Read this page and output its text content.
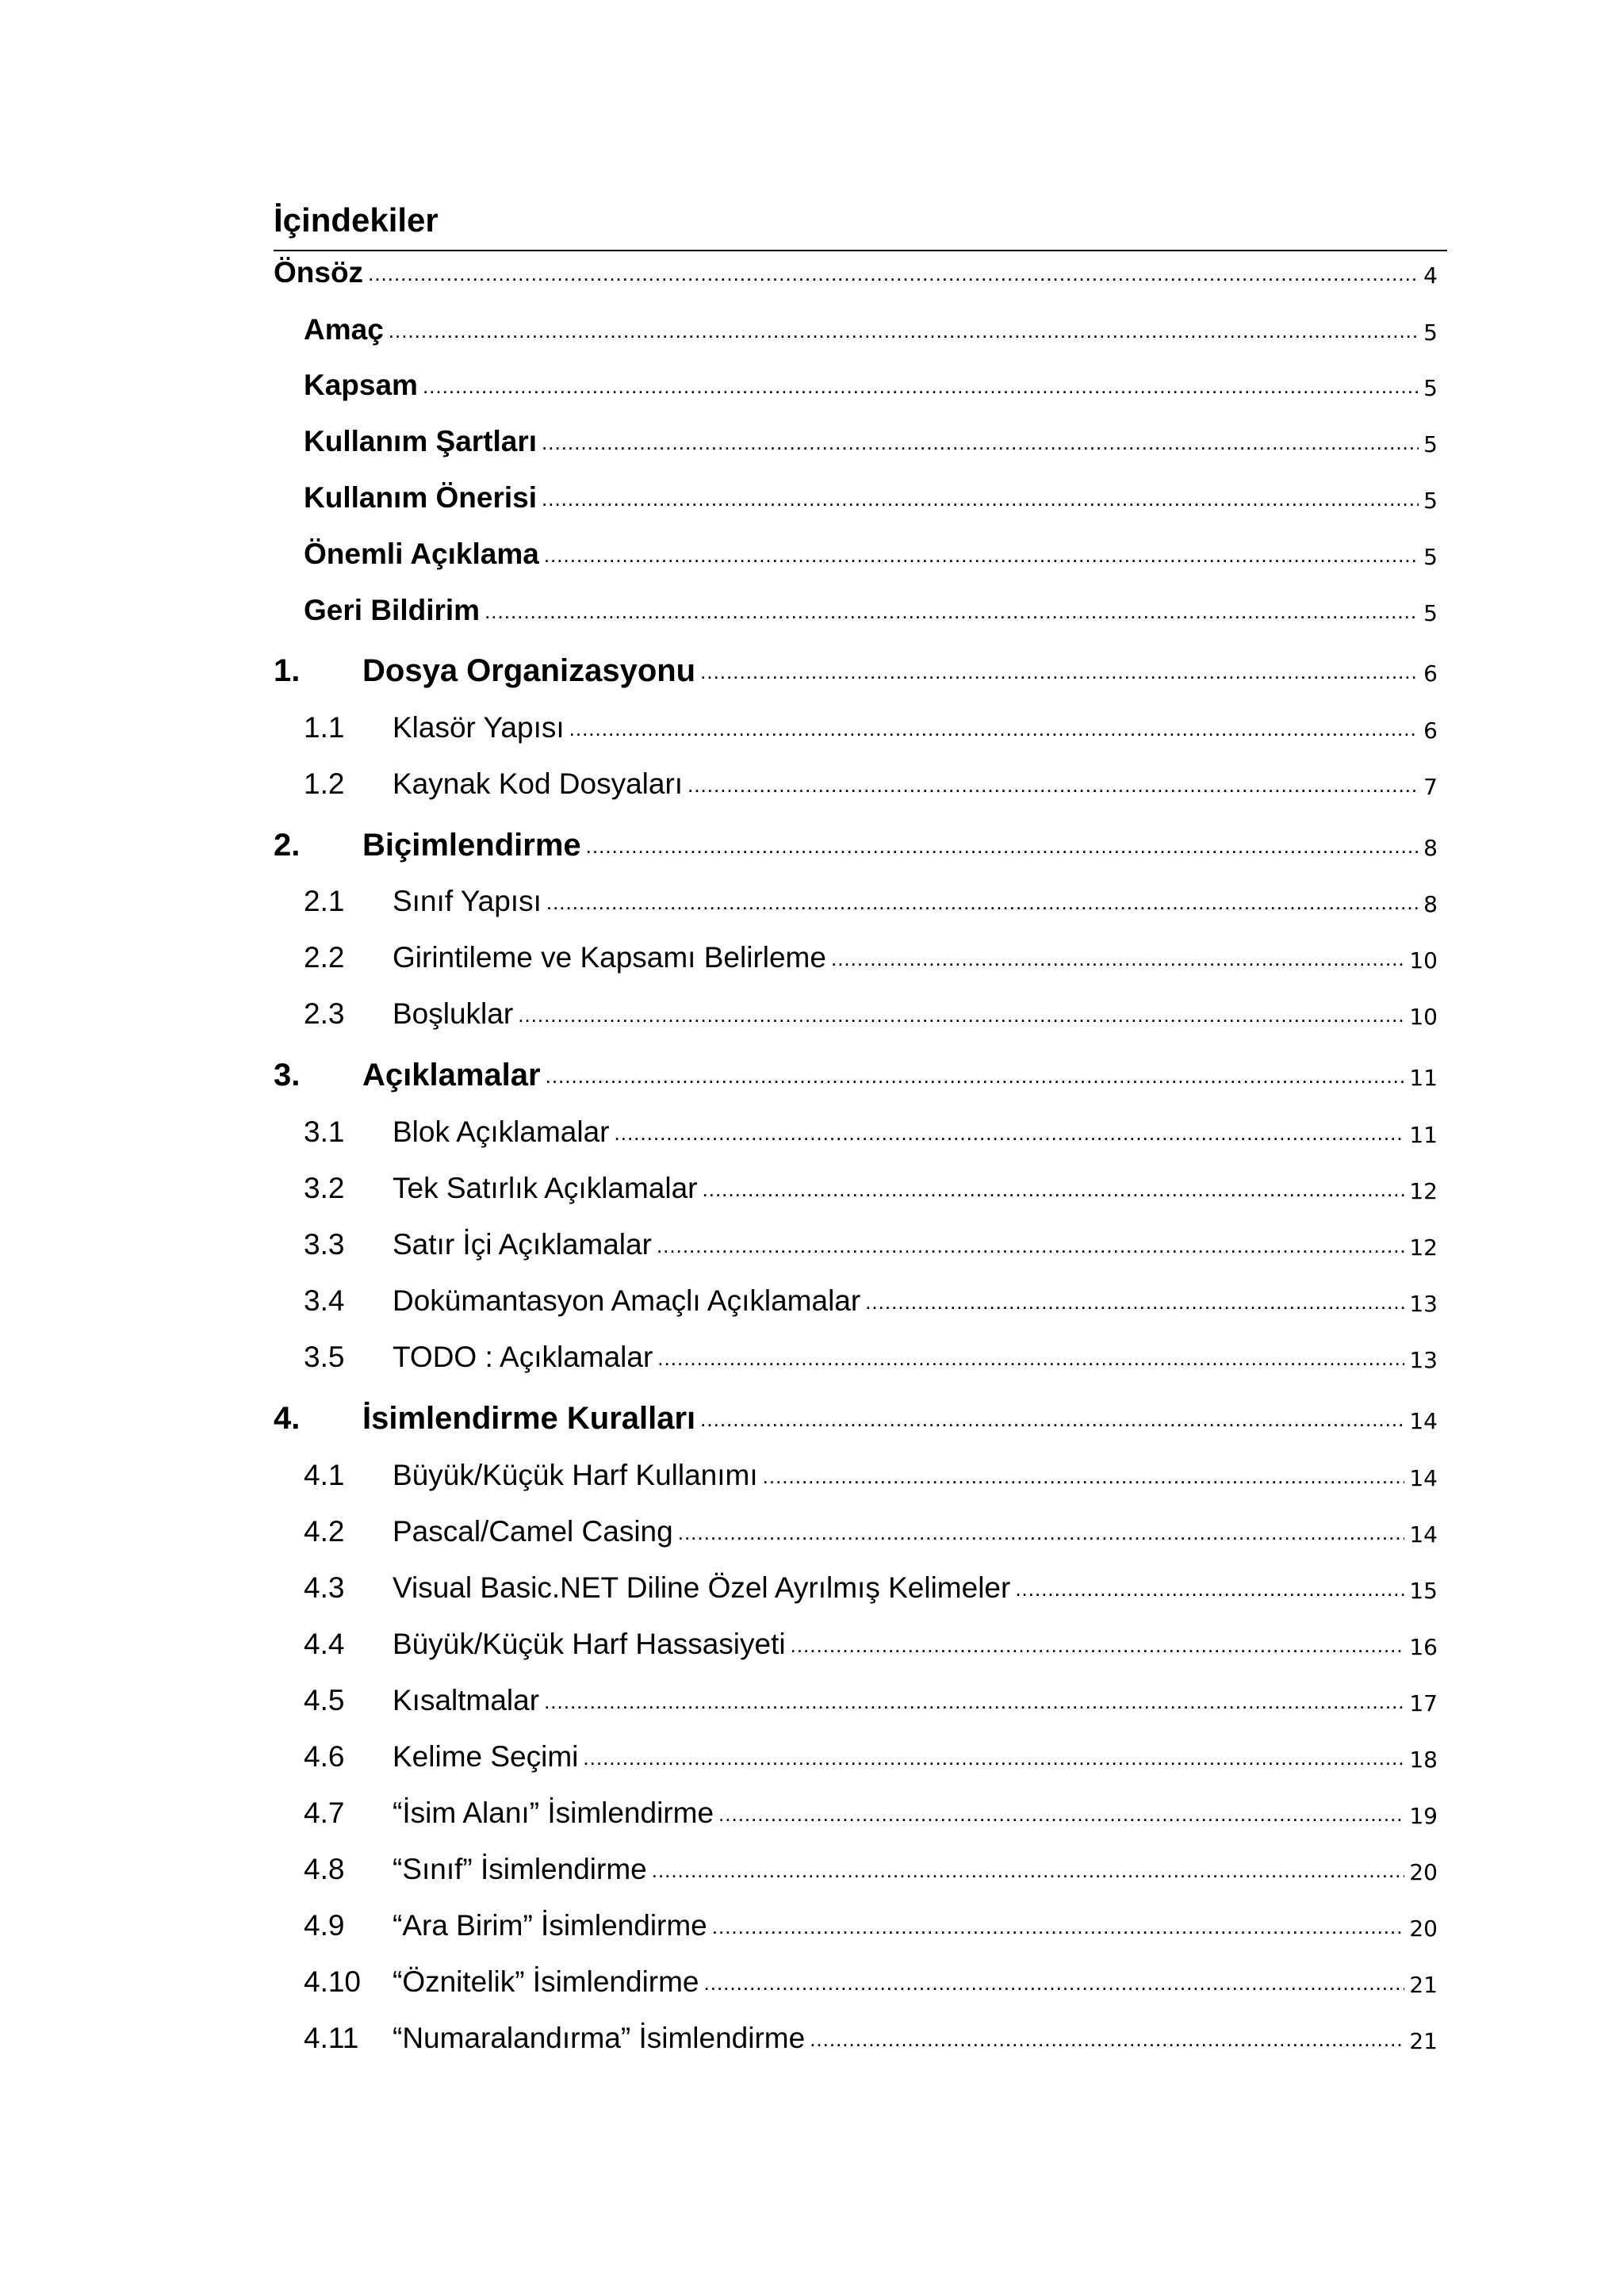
İçindekiler
Önsöz .....	4
Amaç .....	5
Kapsam .....	5
Kullanım Şartları .....	5
Kullanım Önerisi .....	5
Önemli Açıklama .....	5
Geri Bildirim .....	5
1.	Dosya Organizasyonu .....	6
1.1	Klasör Yapısı .....	6
1.2	Kaynak Kod Dosyaları .....	7
2.	Biçimlendirme .....	8
2.1	Sınıf Yapısı .....	8
2.2	Girintileme ve Kapsamı Belirleme .....	10
2.3	Boşluklar .....	10
3.	Açıklamalar .....	11
3.1	Blok Açıklamalar .....	11
3.2	Tek Satırlık Açıklamalar .....	12
3.3	Satır İçi Açıklamalar .....	12
3.4	Dokümantasyon Amaçlı Açıklamalar .....	13
3.5	TODO : Açıklamalar .....	13
4.	İsimlendirme Kuralları .....	14
4.1	Büyük/Küçük Harf Kullanımı .....	14
4.2	Pascal/Camel Casing .....	14
4.3	Visual Basic.NET Diline Özel Ayrılmış Kelimeler .....	15
4.4	Büyük/Küçük Harf Hassasiyeti .....	16
4.5	Kısaltmalar .....	17
4.6	Kelime Seçimi .....	18
4.7	“İsim Alanı” İsimlendirme .....	19
4.8	“Sınıf” İsimlendirme .....	20
4.9	“Ara Birim” İsimlendirme .....	20
4.10	“Öznitelik” İsimlendirme .....	21
4.11	“Numaralandırma” İsimlendirme .....	21
